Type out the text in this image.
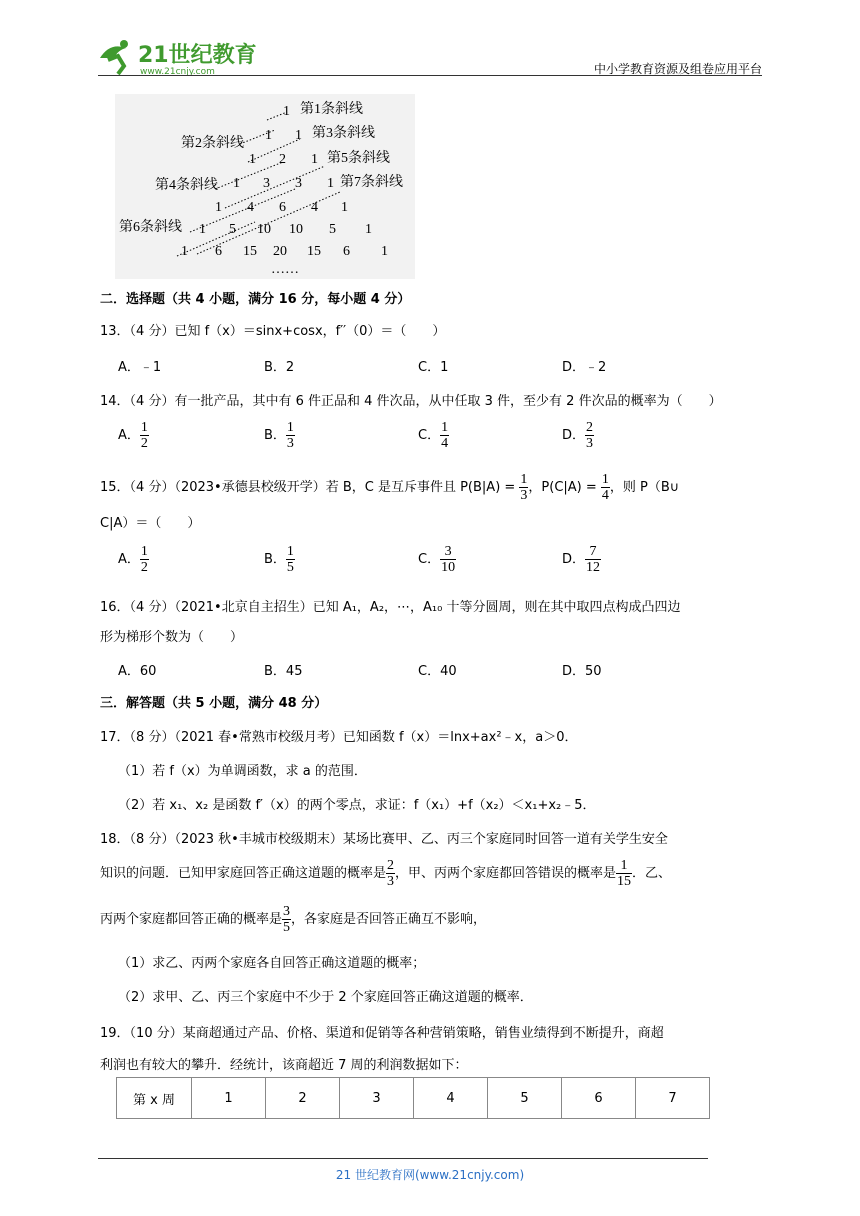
21世纪教育
www.21cnjy.com	中小学教育资源及组卷应用平台
第1条斜线
第2条斜线
第3条斜线
第4条斜线
第5条斜线
第6条斜线
第7条斜线
1
1 1
1 2 1
1 3 3 1
1 4 6 4 1
1 5 10 10 5 1
1 6 15 20 15 6 1
……
二．选择题（共 4 小题，满分 16 分，每小题 4 分）
13．（4 分）已知 f（x）＝sinx+cosx，f′′（0）＝（　　）
A．﹣1	B．2	C．1	D．﹣2
14．（4 分）有一批产品，其中有 6 件正品和 4 件次品，从中任取 3 件，至少有 2 件次品的概率为（　　）
A． $\frac{1}{2}$	B． $\frac{1}{3}$	C． $\frac{1}{4}$	D． $\frac{2}{3}$
15．（4 分）（2023•承德县校级开学）若 B，C 是互斥事件且 $P(B|A) = \frac{1}{3}$ ，$P(C|A) = \frac{1}{4}$ ，则 P（B∪
C|A）＝（　　）
A． $\frac{1}{2}$	B． $\frac{1}{5}$	C． $\frac{3}{10}$	D． $\frac{7}{12}$
16．（4 分）（2021•北京自主招生）已知 A₁，A₂，⋯，A₁₀ 十等分圆周，则在其中取四点构成凸四边
形为梯形个数为（　　）
A．60	B．45	C．40	D．50
三．解答题（共 5 小题，满分 48 分）
17．（8 分）（2021 春•常熟市校级月考）已知函数 f（x）＝lnx+ax²﹣x，a＞0．
（1）若 f（x）为单调函数，求 a 的范围．
（2）若 x₁、x₂ 是函数 f′（x）的两个零点，求证：f（x₁）+f（x₂）＜x₁+x₂﹣5．
18．（8 分）（2023 秋•丰城市校级期末）某场比赛甲、乙、丙三个家庭同时回答一道有关学生安全
知识的问题．已知甲家庭回答正确这道题的概率是 $\frac{2}{3}$ ，甲、丙两个家庭都回答错误的概率是 $\frac{1}{15}$ ．乙、
丙两个家庭都回答正确的概率是 $\frac{3}{5}$ ，各家庭是否回答正确互不影响，
（1）求乙、丙两个家庭各自回答正确这道题的概率；
（2）求甲、乙、丙三个家庭中不少于 2 个家庭回答正确这道题的概率．
19．（10 分）某商超通过产品、价格、渠道和促销等各种营销策略，销售业绩得到不断提升，商超
利润也有较大的攀升．经统计，该商超近 7 周的利润数据如下：
第 x 周	1	2	3	4	5	6	7
21 世纪教育网(www.21cnjy.com)
